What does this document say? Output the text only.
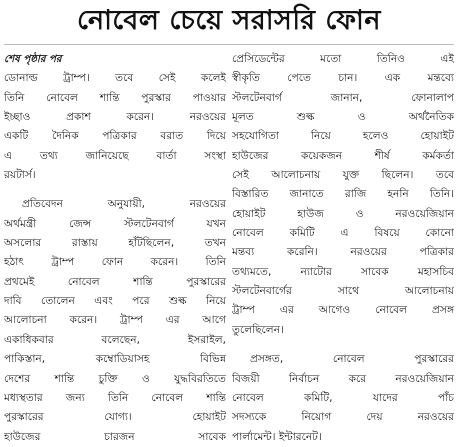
নোবেল চেয়ে সরাসরি ফোন
শেষ পৃষ্ঠার পর
ডোনাল্ড ট্রাম্প। তবে সেই কলেই
তিনি নোবেল শান্তি পুরস্কার পাওয়ার
ইচ্ছাও প্রকাশ করেন। নরওয়ের
একটি দৈনিক পত্রিকার বরাত দিয়ে
এ তথ্য জানিয়েছে বার্তা সংস্থা
রয়টার্স।
প্রতিবেদন অনুযায়ী, নরওয়ের
অর্থমন্ত্রী জেন্স স্টলটেনবার্গ যখন
অসলোর রাস্তায় হাঁটছিলেন, তখন
হঠাৎ ট্রাম্প ফোন করেন। তিনি
প্রথমেই নোবেল শান্তি পুরস্কারের
দাবি তোলেন এবং পরে শুল্ক নিয়ে
আলোচনা করেন। ট্রাম্প এর আগে
একাধিকবার বলেছেন, ইসরাইল,
পাকিস্তান, কম্বোডিয়াসহ বিভিন্ন
দেশের শান্তি চুক্তি ও যুদ্ধবিরতিতে
মধ্যস্থতার জন্য তিনি নোবেল শান্তি
পুরস্কারের যোগ্য। হোয়াইট
হাউজের চারজন সাবেক
প্রেসিডেন্টের মতো তিনিও এই
স্বীকৃতি পেতে চান। এক মন্তব্যে
স্টলটেনবার্গ জানান, ফোনালাপ
মূলত শুল্ক ও অর্থনৈতিক
সহযোগিতা নিয়ে হলেও হোয়াইট
হাউজের কয়েকজন শীর্ষ কর্মকর্তা
সেই আলোচনায় যুক্ত ছিলেন। তবে
বিস্তারিত জানাতে রাজি হননি তিনি।
হোয়াইট হাউজ ও নরওয়েজিয়ান
নোবেল কমিটি এ বিষয়ে কোনো
মন্তব্য করেনি। নরওয়ের পত্রিকার
তথ্যমতে, ন্যাটোর সাবেক মহাসচিব
স্টলটেনবার্গের সাথে আলোচনায়
ট্রাম্প এর আগেও নোবেল প্রসঙ্গ
তুলেছিলেন।
প্রসঙ্গত, নোবেল পুরস্কারের
বিজয়ী নির্বাচন করে নরওয়েজিয়ান
নোবেল কমিটি, যাদের পাঁচ
সদস্যকে নিয়োগ দেয় নরওয়ের
পার্লামেন্ট। ইন্টারনেট।
